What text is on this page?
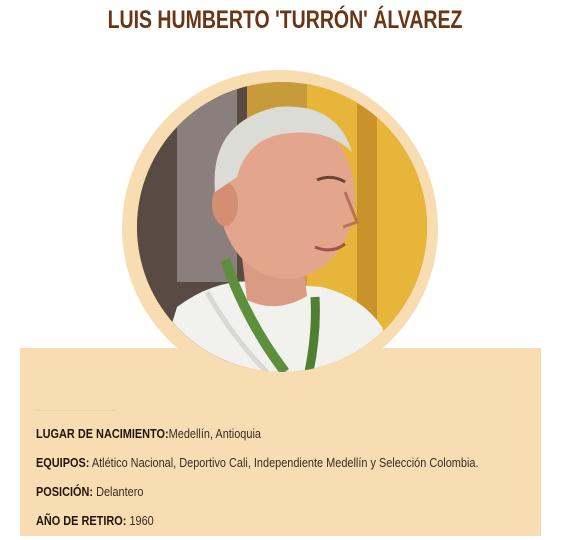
LUIS HUMBERTO 'TURRÓN' ÁLVAREZ
LUGAR DE NACIMIENTO:Medellín, Antioquia
EQUIPOS: Atlético Nacional, Deportivo Cali, Independiente Medellín y Selección Colombia.
POSICIÓN: Delantero
AÑO DE RETIRO: 1960
